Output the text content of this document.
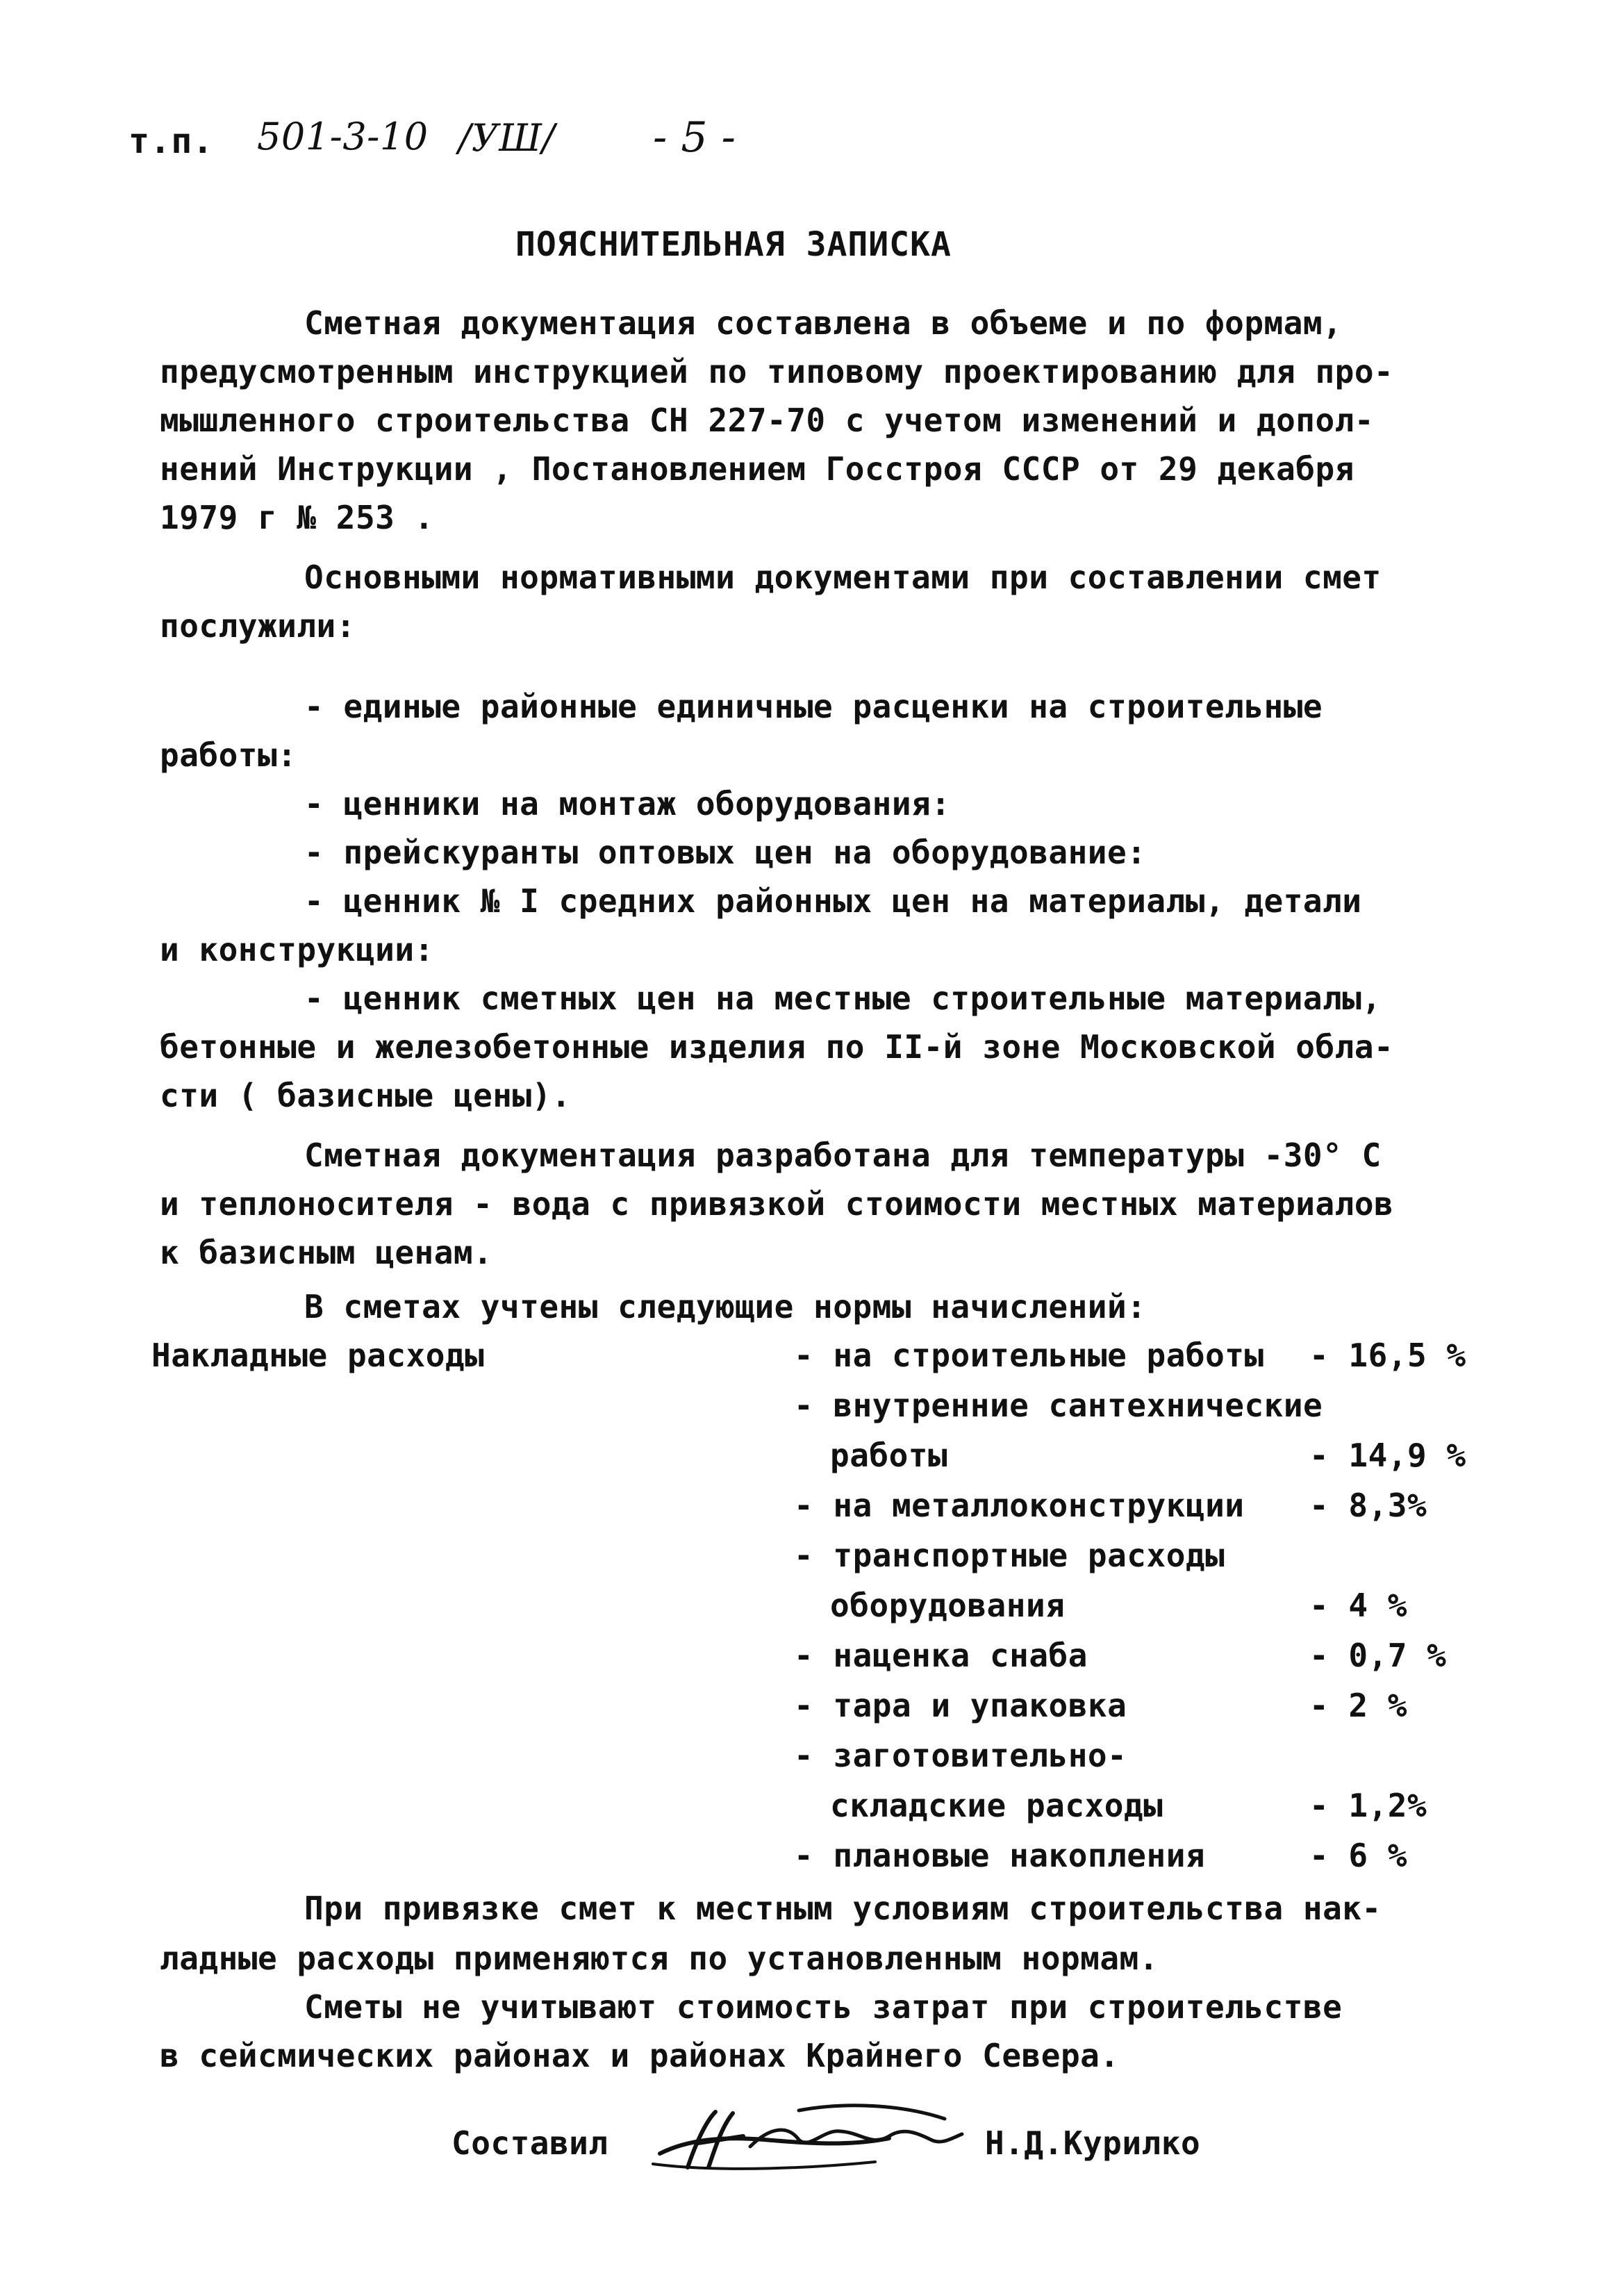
т.п. 501-3-10 /УШ/ - 5 -
ПОЯСНИТЕЛЬНАЯ ЗАПИСКА
Сметная документация составлена в объеме и по формам,
предусмотренным инструкцией по типовому проектированию для про-
мышленного строительства СН 227-70 с учетом изменений и допол-
нений Инструкции , Постановлением Госстроя СССР от 29 декабря
1979 г № 253 .
Основными нормативными документами при составлении смет
послужили:
- единые районные единичные расценки на строительные
работы:
- ценники на монтаж оборудования:
- прейскуранты оптовых цен на оборудование:
- ценник № I средних районных цен на материалы, детали
и конструкции:
- ценник сметных цен на местные строительные материалы,
бетонные и железобетонные изделия по II-й зоне Московской обла-
сти ( базисные цены).
Сметная документация разработана для температуры -30° С
и теплоносителя - вода с привязкой стоимости местных материалов
к базисным ценам.
В сметах учтены следующие нормы начислений:
Накладные расходы	- на строительные работы - 16,5 %
- внутренние сантехнические
работы	- 14,9 %
- на металлоконструкции - 8,3%
- транспортные расходы
оборудования	- 4 %
- наценка снаба	- 0,7 %
- тара и упаковка	- 2 %
- заготовительно-
складские расходы	- 1,2%
- плановые накопления	- 6 %
При привязке смет к местным условиям строительства нак-
ладные расходы применяются по установленным нормам.
Сметы не учитывают стоимость затрат при строительстве
в сейсмических районах и районах Крайнего Севера.
Составил	Н.Д.Курилко
